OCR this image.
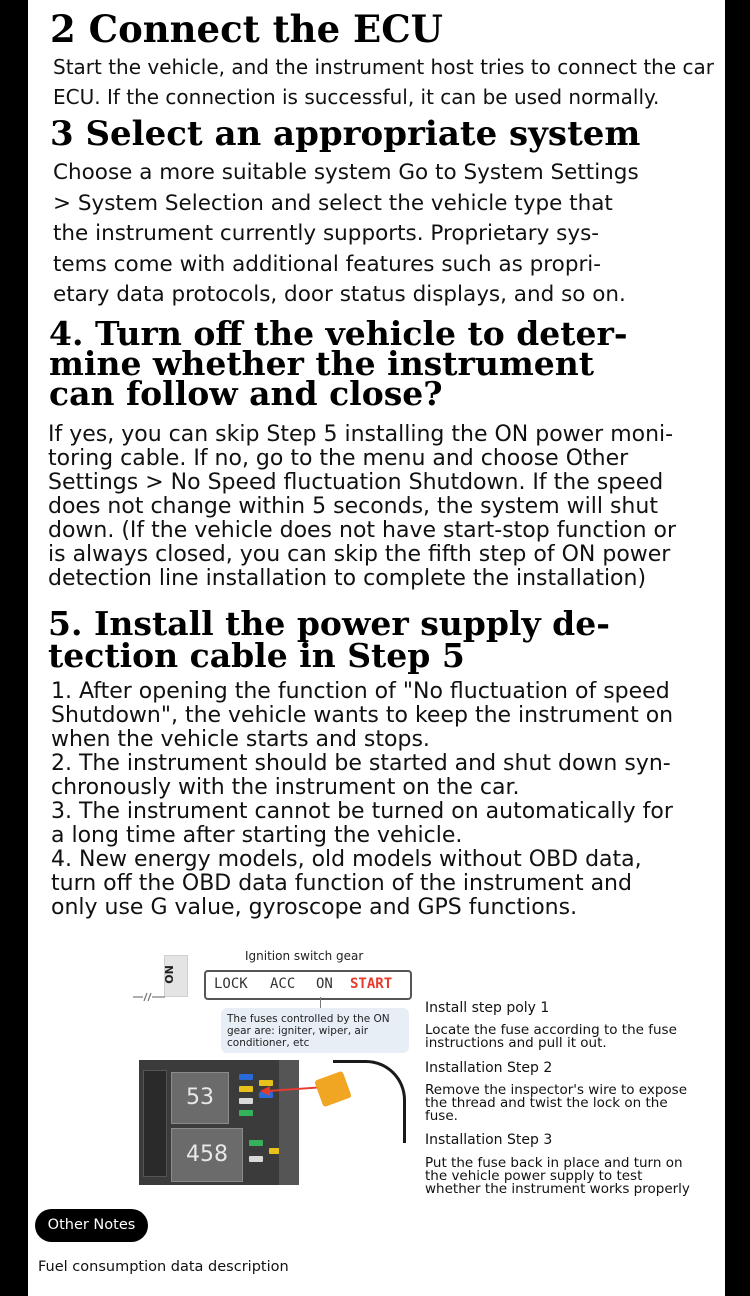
2 Connect the ECU

Start the vehicle, and the instrument host tries to connect the car
ECU. If the connection is successful, it can be used normally.

3 Select an appropriate system

Choose a more suitable system Go to System Settings
> System Selection and select the vehicle type that
the instrument currently supports. Proprietary sys-
tems come with additional features such as propri-
etary data protocols, door status displays, and so on.

4. Turn off the vehicle to deter-
mine whether the instrument
can follow and close?

If yes, you can skip Step 5 installing the ON power moni-
toring cable. If no, go to the menu and choose Other
Settings > No Speed fluctuation Shutdown. If the speed
does not change within 5 seconds, the system will shut
down. (If the vehicle does not have start-stop function or
is always closed, you can skip the fifth step of ON power
detection line installation to complete the installation)

5. Install the power supply de-
tection cable in Step 5

1. After opening the function of "No fluctuation of speed
Shutdown", the vehicle wants to keep the instrument on
when the vehicle starts and stops.
2. The instrument should be started and shut down syn-
chronously with the instrument on the car.
3. The instrument cannot be turned on automatically for
a long time after starting the vehicle.
4. New energy models, old models without OBD data,
turn off the OBD data function of the instrument and
only use G value, gyroscope and GPS functions.

Ignition switch gear
ON
LOCK ACC ON START
The fuses controlled by the ON gear are: igniter, wiper, air conditioner, etc
53
458
Install step poly 1
Locate the fuse according to the fuse
instructions and pull it out.
Installation Step 2
Remove the inspector's wire to expose
the thread and twist the lock on the
fuse.
Installation Step 3
Put the fuse back in place and turn on
the vehicle power supply to test
whether the instrument works properly
Other Notes
Fuel consumption data description
